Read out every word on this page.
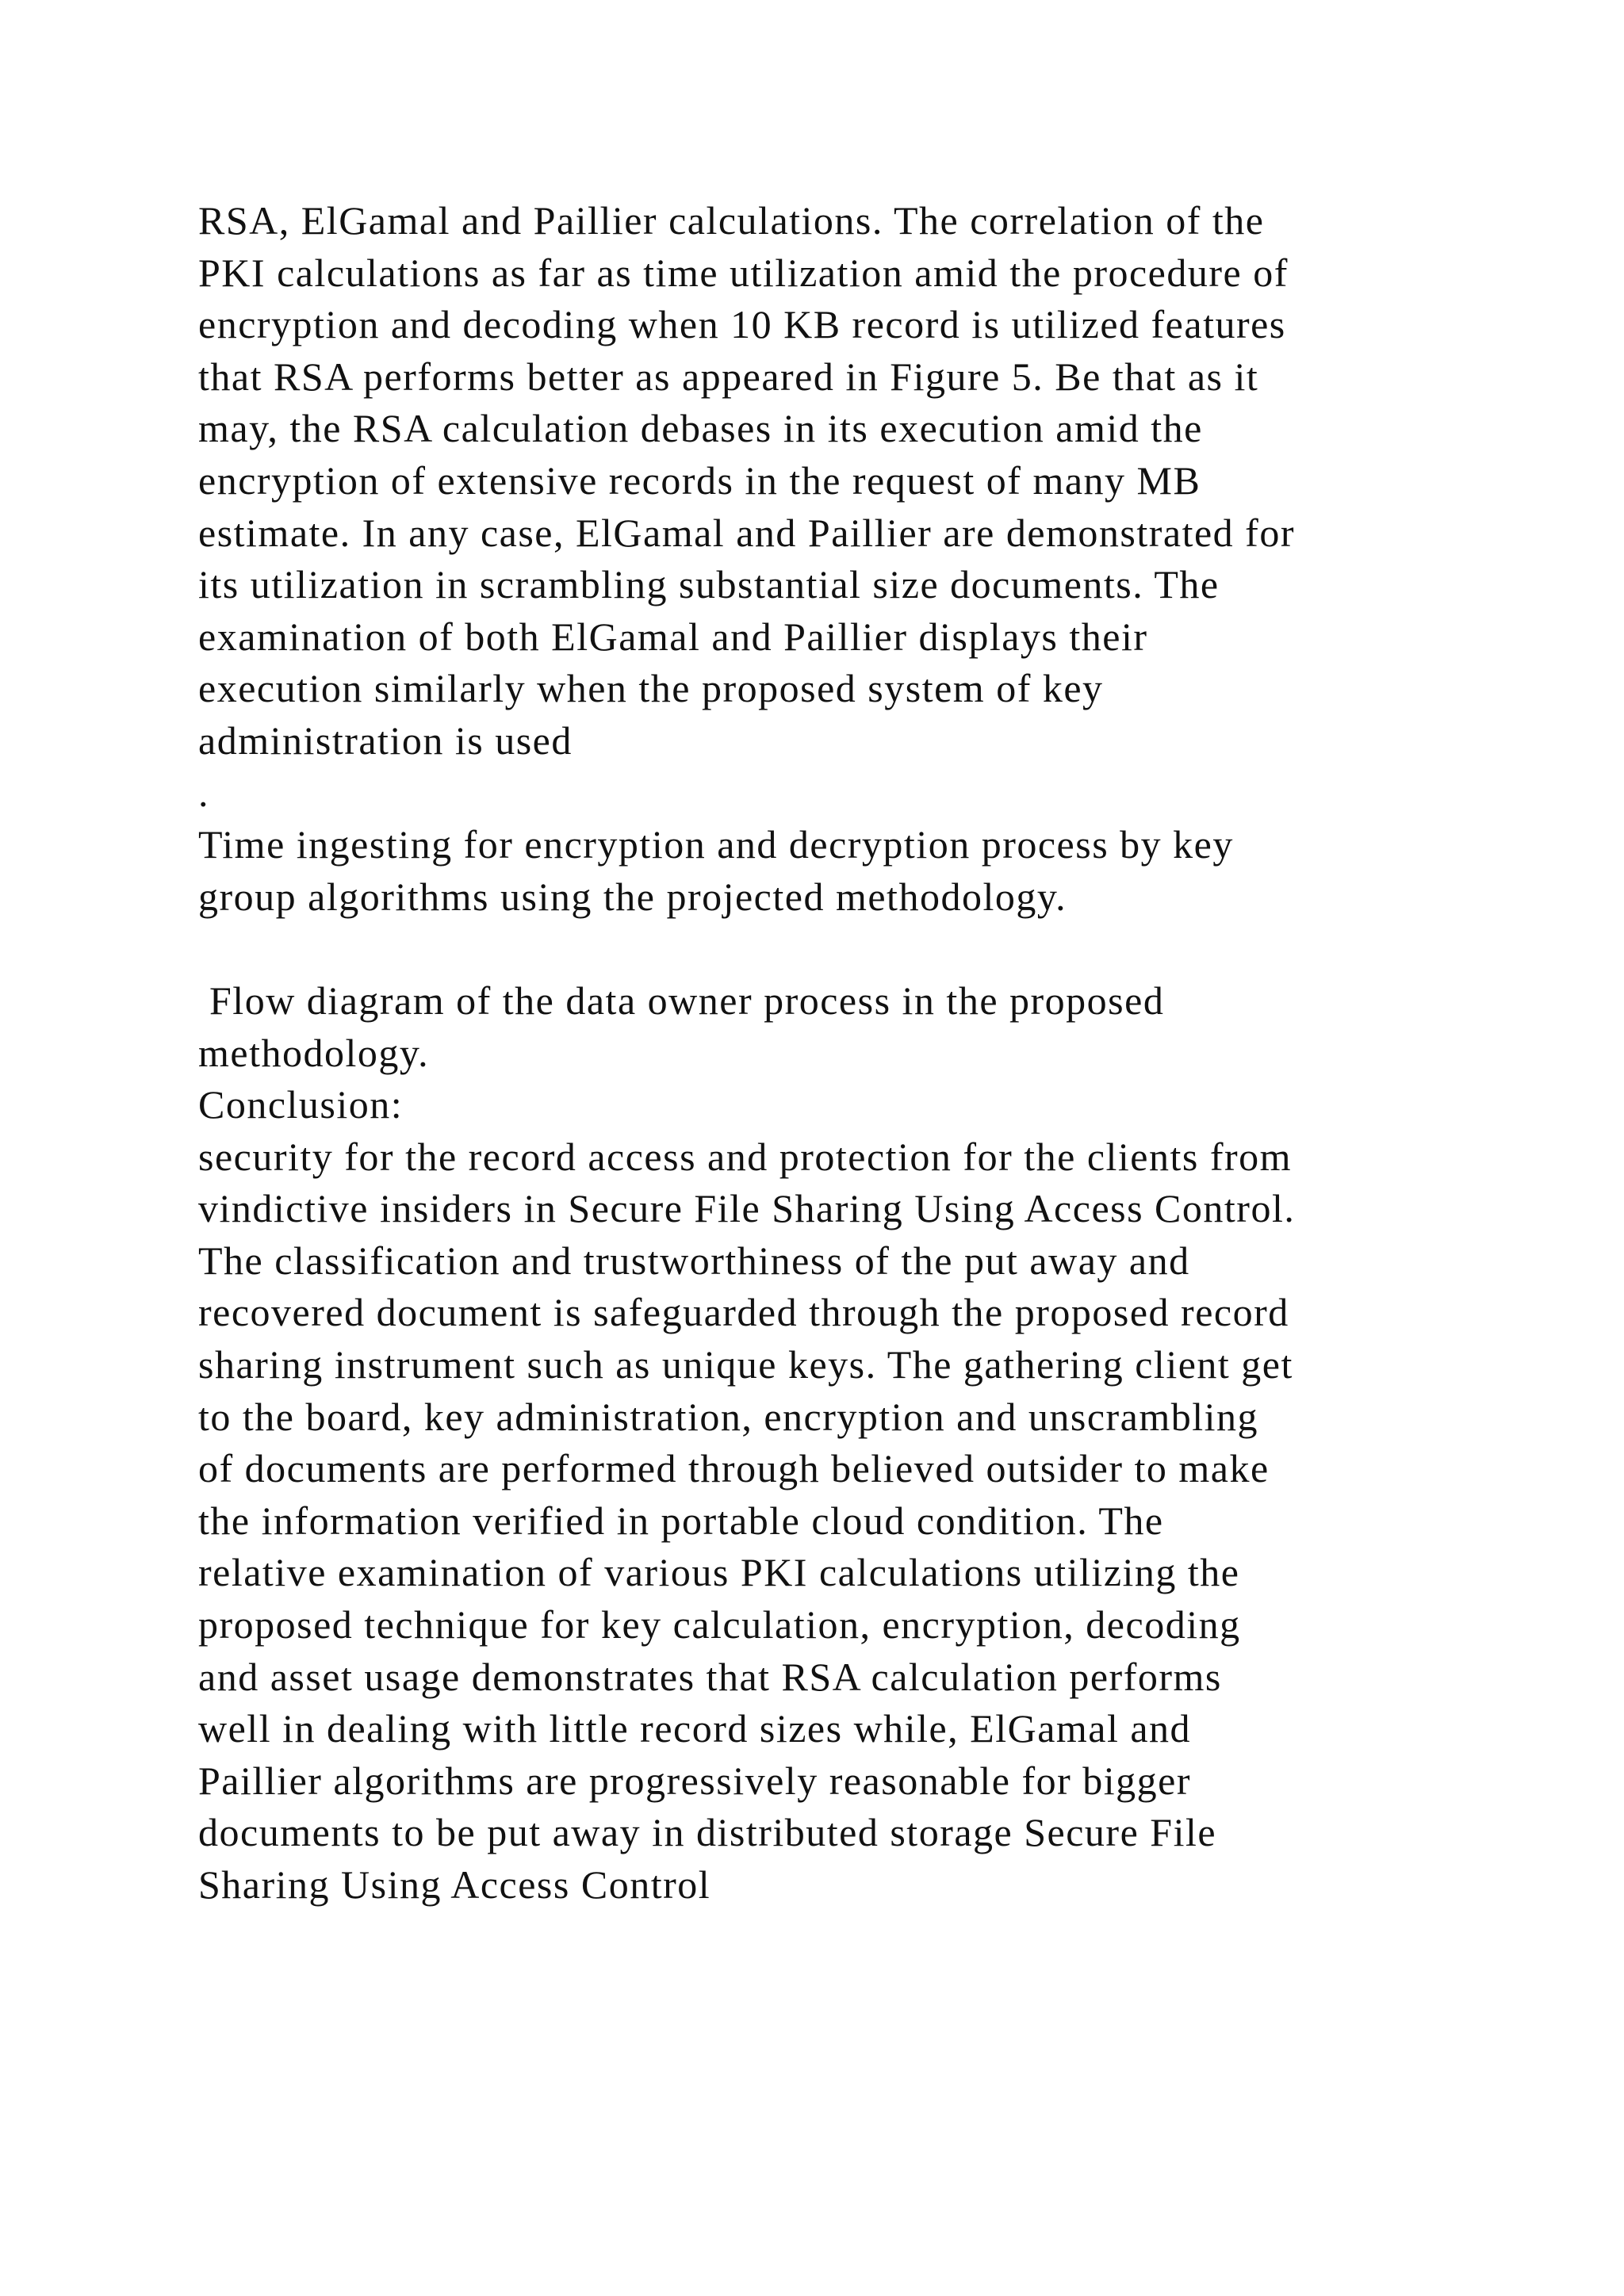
RSA, ElGamal and Paillier calculations. The correlation of the
PKI calculations as far as time utilization amid the procedure of
encryption and decoding when 10 KB record is utilized features
that RSA performs better as appeared in Figure 5. Be that as it
may, the RSA calculation debases in its execution amid the
encryption of extensive records in the request of many MB
estimate. In any case, ElGamal and Paillier are demonstrated for
its utilization in scrambling substantial size documents. The
examination of both ElGamal and Paillier displays their
execution similarly when the proposed system of key
administration is used
.
Time ingesting for encryption and decryption process by key
group algorithms using the projected methodology.
Flow diagram of the data owner process in the proposed
methodology.
Conclusion:
security for the record access and protection for the clients from
vindictive insiders in Secure File Sharing Using Access Control.
The classification and trustworthiness of the put away and
recovered document is safeguarded through the proposed record
sharing instrument such as unique keys. The gathering client get
to the board, key administration, encryption and unscrambling
of documents are performed through believed outsider to make
the information verified in portable cloud condition. The
relative examination of various PKI calculations utilizing the
proposed technique for key calculation, encryption, decoding
and asset usage demonstrates that RSA calculation performs
well in dealing with little record sizes while, ElGamal and
Paillier algorithms are progressively reasonable for bigger
documents to be put away in distributed storage Secure File
Sharing Using Access Control
